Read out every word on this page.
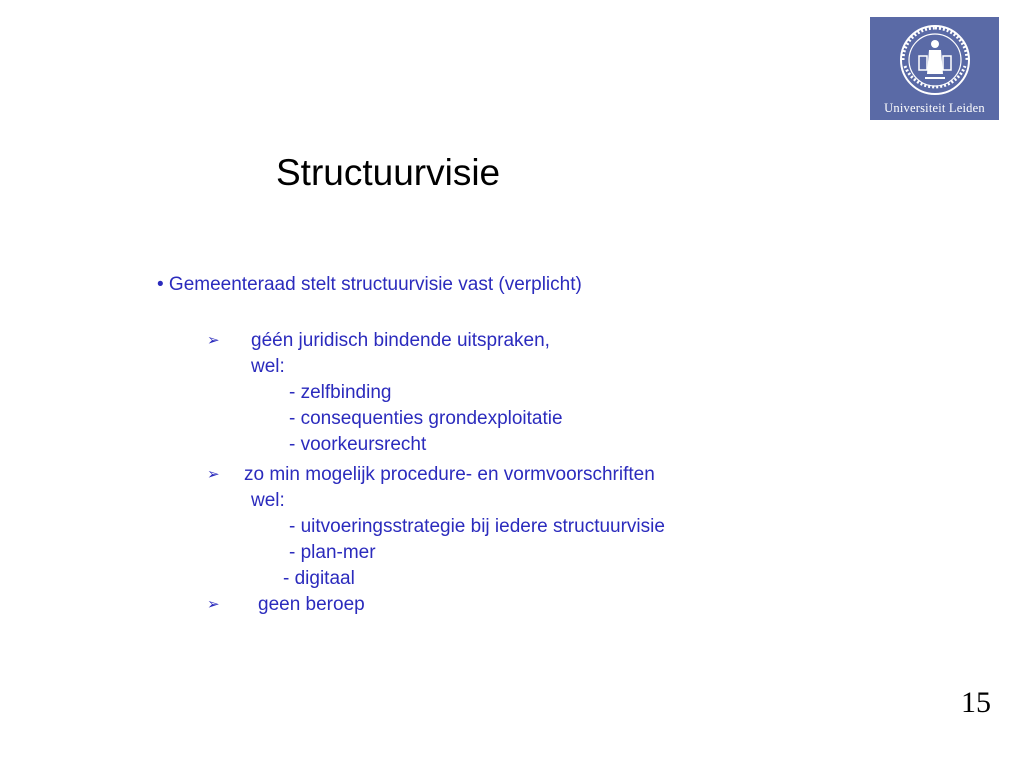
Universiteit Leiden
Structuurvisie
• Gemeenteraad stelt structuurvisie vast (verplicht)
➢ géén juridisch bindende uitspraken,
wel:
- zelfbinding
- consequenties grondexploitatie
- voorkeursrecht
➢ zo min mogelijk procedure- en vormvoorschriften
wel:
- uitvoeringsstrategie bij iedere structuurvisie
- plan-mer
- digitaal
➢ geen beroep
15
